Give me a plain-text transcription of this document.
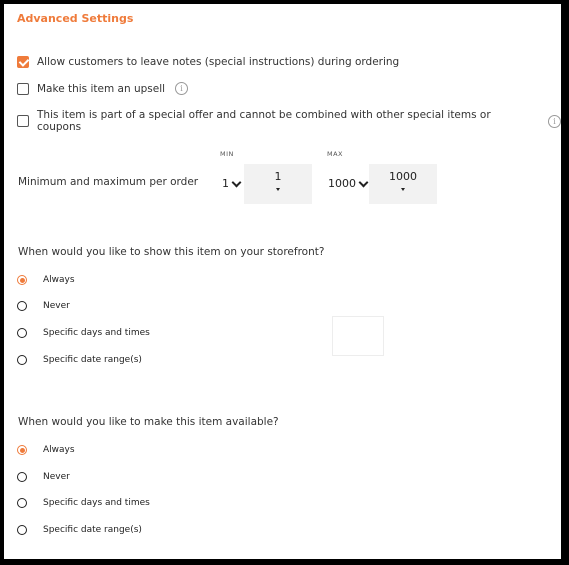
Advanced Settings
Allow customers to leave notes (special instructions) during ordering
Make this item an upsell	i
This item is part of a special offer and cannot be combined with other special items or coupons	i
MIN	MAX
Minimum and maximum per order 1
1
1000
1000
When would you like to show this item on your storefront?
Always
Never
Specific days and times
Specific date range(s)
When would you like to make this item available?
Always
Never
Specific days and times
Specific date range(s)
